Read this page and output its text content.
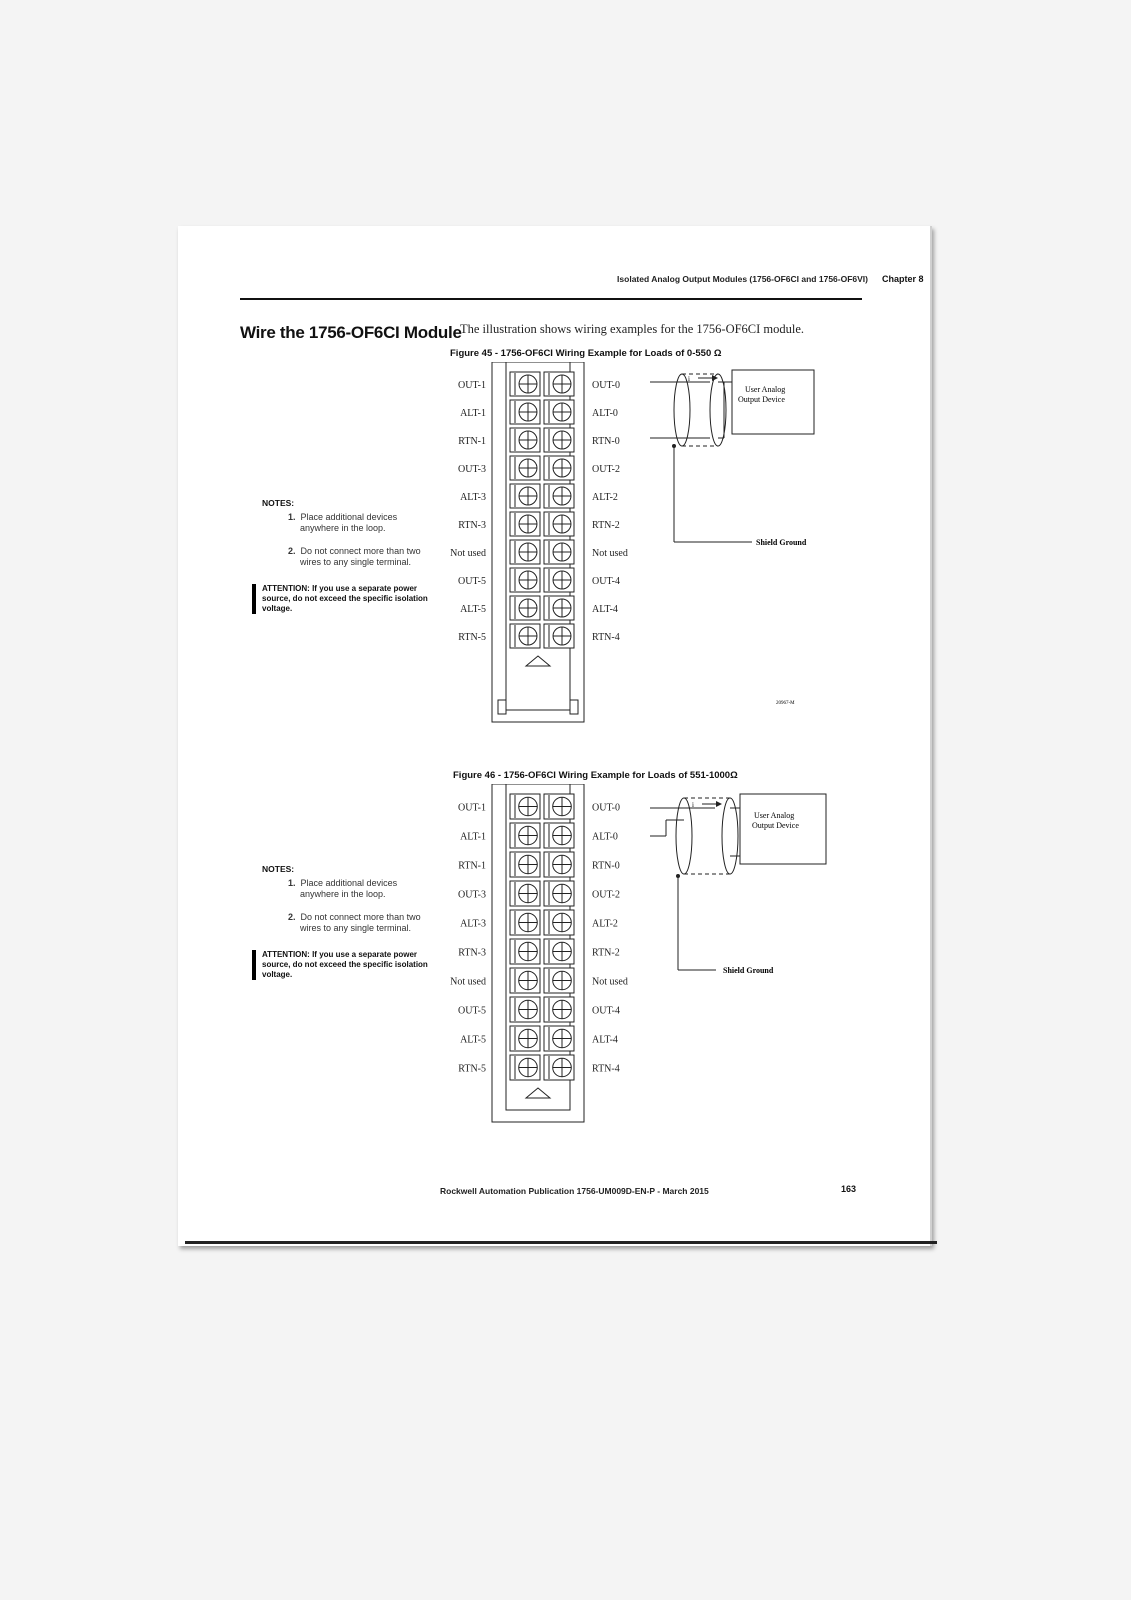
Isolated Analog Output Modules (1756-OF6CI and 1756-OF6VI) Chapter 8
Wire the 1756-OF6CI Module
The illustration shows wiring examples for the 1756-OF6CI module.
Figure 45 - 1756-OF6CI Wiring Example for Loads of 0-550 Ω
OUT-1
ALT-1
RTN-1
OUT-3
ALT-3
RTN-3
Not used
OUT-5
ALT-5
RTN-5
OUT-0
ALT-0
RTN-0
OUT-2
ALT-2
RTN-2
Not used
OUT-4
ALT-4
RTN-4
i
User Analog
Output Device
Shield Ground
20967-M
NOTES:
1. Place additional devices
anywhere in the loop.
2. Do not connect more than two
wires to any single terminal.
ATTENTION: If you use a separate power source, do not exceed the specific isolation voltage.
Figure 46 - 1756-OF6CI Wiring Example for Loads of 551-1000Ω
OUT-1
ALT-1
RTN-1
OUT-3
ALT-3
RTN-3
Not used
OUT-5
ALT-5
RTN-5
OUT-0
ALT-0
RTN-0
OUT-2
ALT-2
RTN-2
Not used
OUT-4
ALT-4
RTN-4
i
User Analog
Output Device
Shield Ground
NOTES:
1. Place additional devices
anywhere in the loop.
2. Do not connect more than two
wires to any single terminal.
ATTENTION: If you use a separate power source, do not exceed the specific isolation voltage.
Rockwell Automation Publication 1756-UM009D-EN-P - March 2015	163
